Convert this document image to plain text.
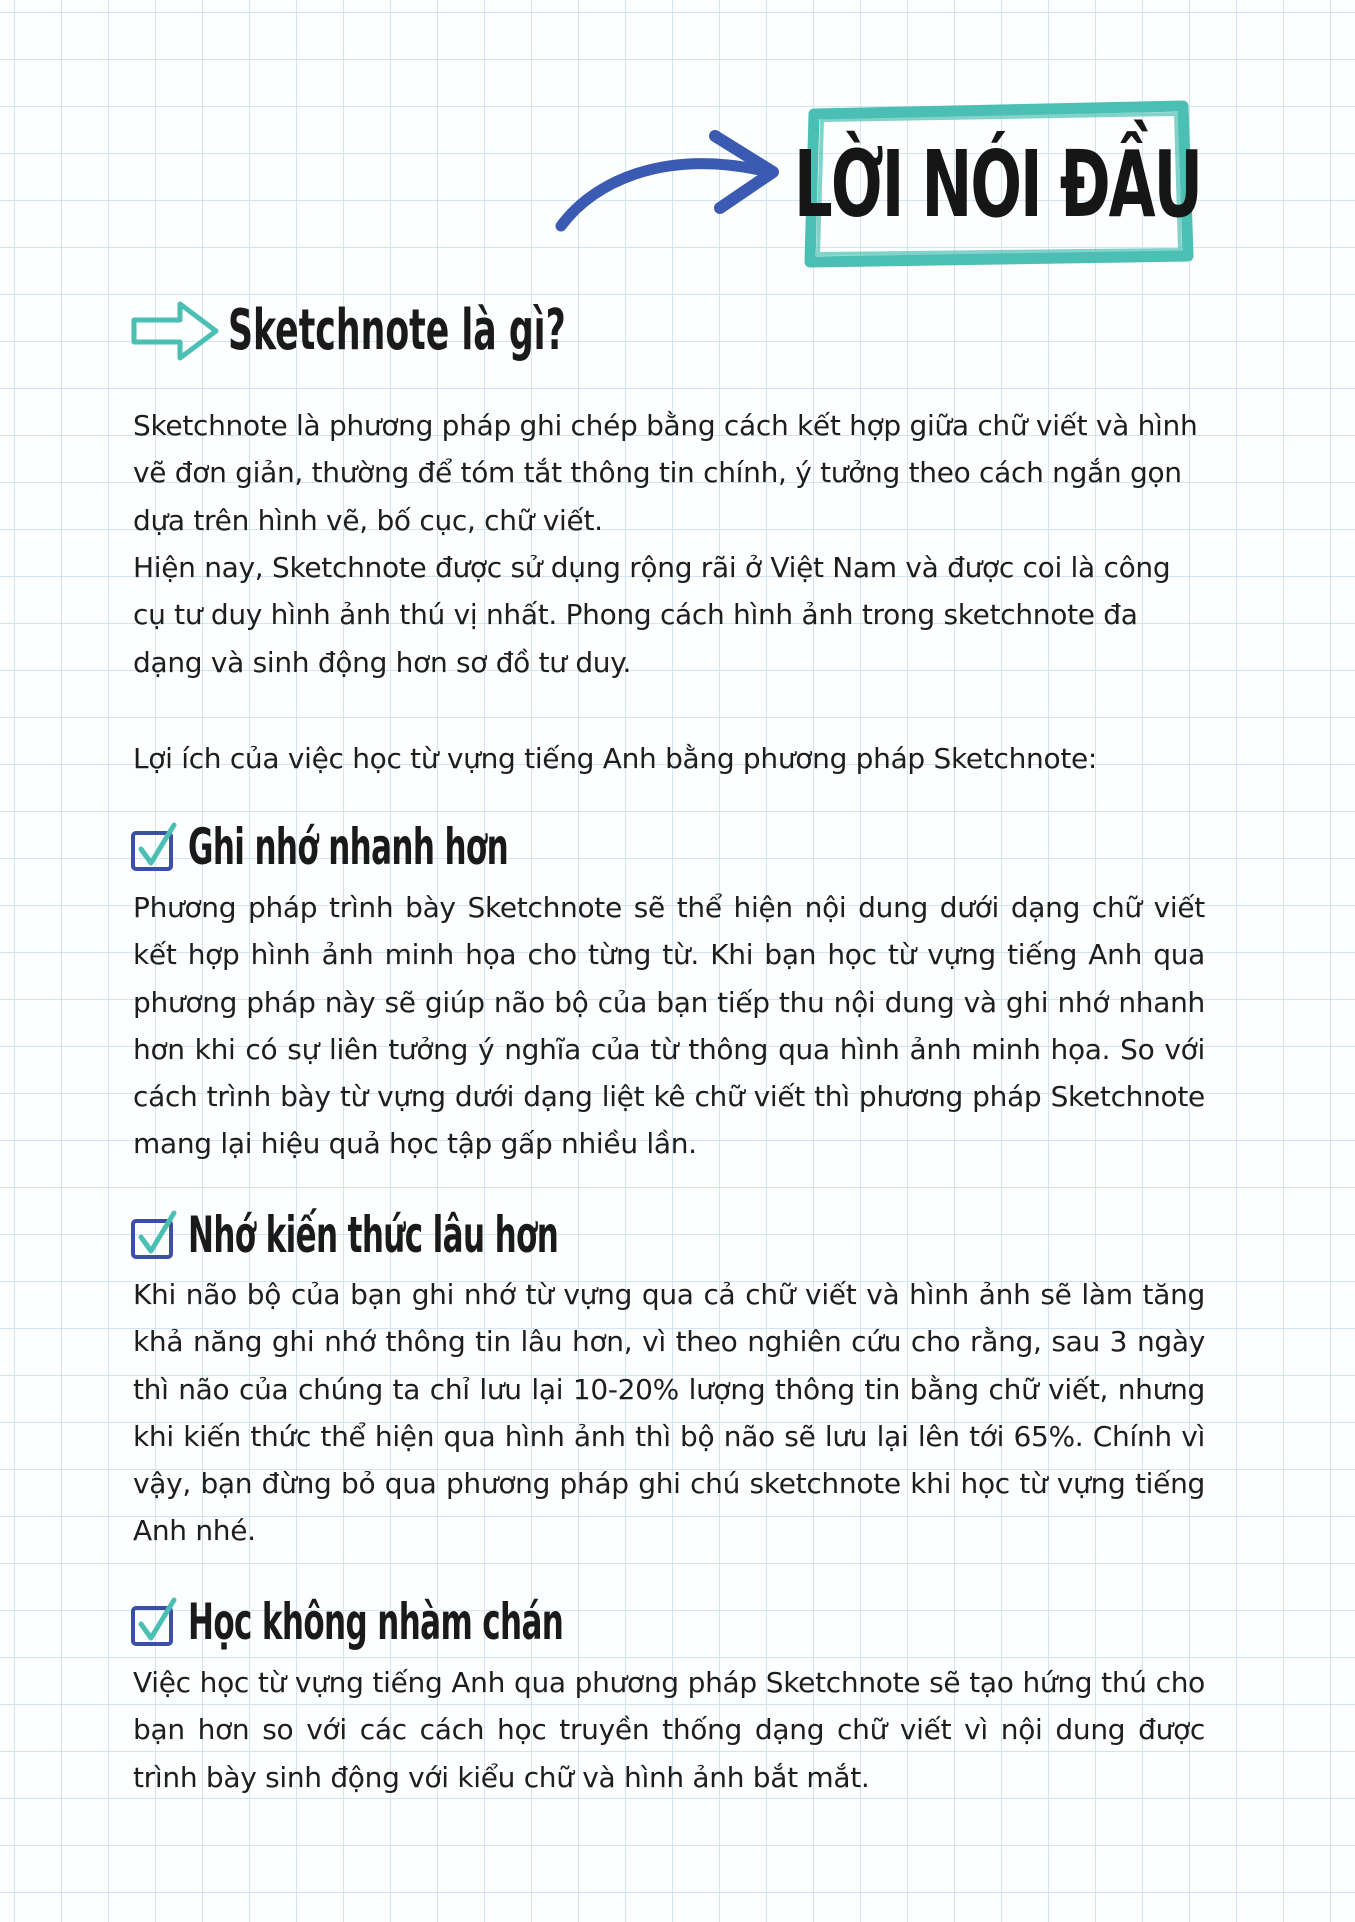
LỜI NÓI ĐẦU
Sketchnote là gì?
Sketchnote là phương pháp ghi chép bằng cách kết hợp giữa chữ viết và hình vẽ đơn giản, thường để tóm tắt thông tin chính, ý tưởng theo cách ngắn gọn dựa trên hình vẽ, bố cục, chữ viết.
Hiện nay, Sketchnote được sử dụng rộng rãi ở Việt Nam và được coi là công cụ tư duy hình ảnh thú vị nhất. Phong cách hình ảnh trong sketchnote đa dạng và sinh động hơn sơ đồ tư duy.
Lợi ích của việc học từ vựng tiếng Anh bằng phương pháp Sketchnote:
Ghi nhớ nhanh hơn
Phương pháp trình bày Sketchnote sẽ thể hiện nội dung dưới dạng chữ viết kết hợp hình ảnh minh họa cho từng từ. Khi bạn học từ vựng tiếng Anh qua phương pháp này sẽ giúp não bộ của bạn tiếp thu nội dung và ghi nhớ nhanh hơn khi có sự liên tưởng ý nghĩa của từ thông qua hình ảnh minh họa. So với cách trình bày từ vựng dưới dạng liệt kê chữ viết thì phương pháp Sketchnote mang lại hiệu quả học tập gấp nhiều lần.
Nhớ kiến thức lâu hơn
Khi não bộ của bạn ghi nhớ từ vựng qua cả chữ viết và hình ảnh sẽ làm tăng khả năng ghi nhớ thông tin lâu hơn, vì theo nghiên cứu cho rằng, sau 3 ngày thì não của chúng ta chỉ lưu lại 10-20% lượng thông tin bằng chữ viết, nhưng khi kiến thức thể hiện qua hình ảnh thì bộ não sẽ lưu lại lên tới 65%. Chính vì vậy, bạn đừng bỏ qua phương pháp ghi chú sketchnote khi học từ vựng tiếng Anh nhé.
Học không nhàm chán
Việc học từ vựng tiếng Anh qua phương pháp Sketchnote sẽ tạo hứng thú cho bạn hơn so với các cách học truyền thống dạng chữ viết vì nội dung được trình bày sinh động với kiểu chữ và hình ảnh bắt mắt.
